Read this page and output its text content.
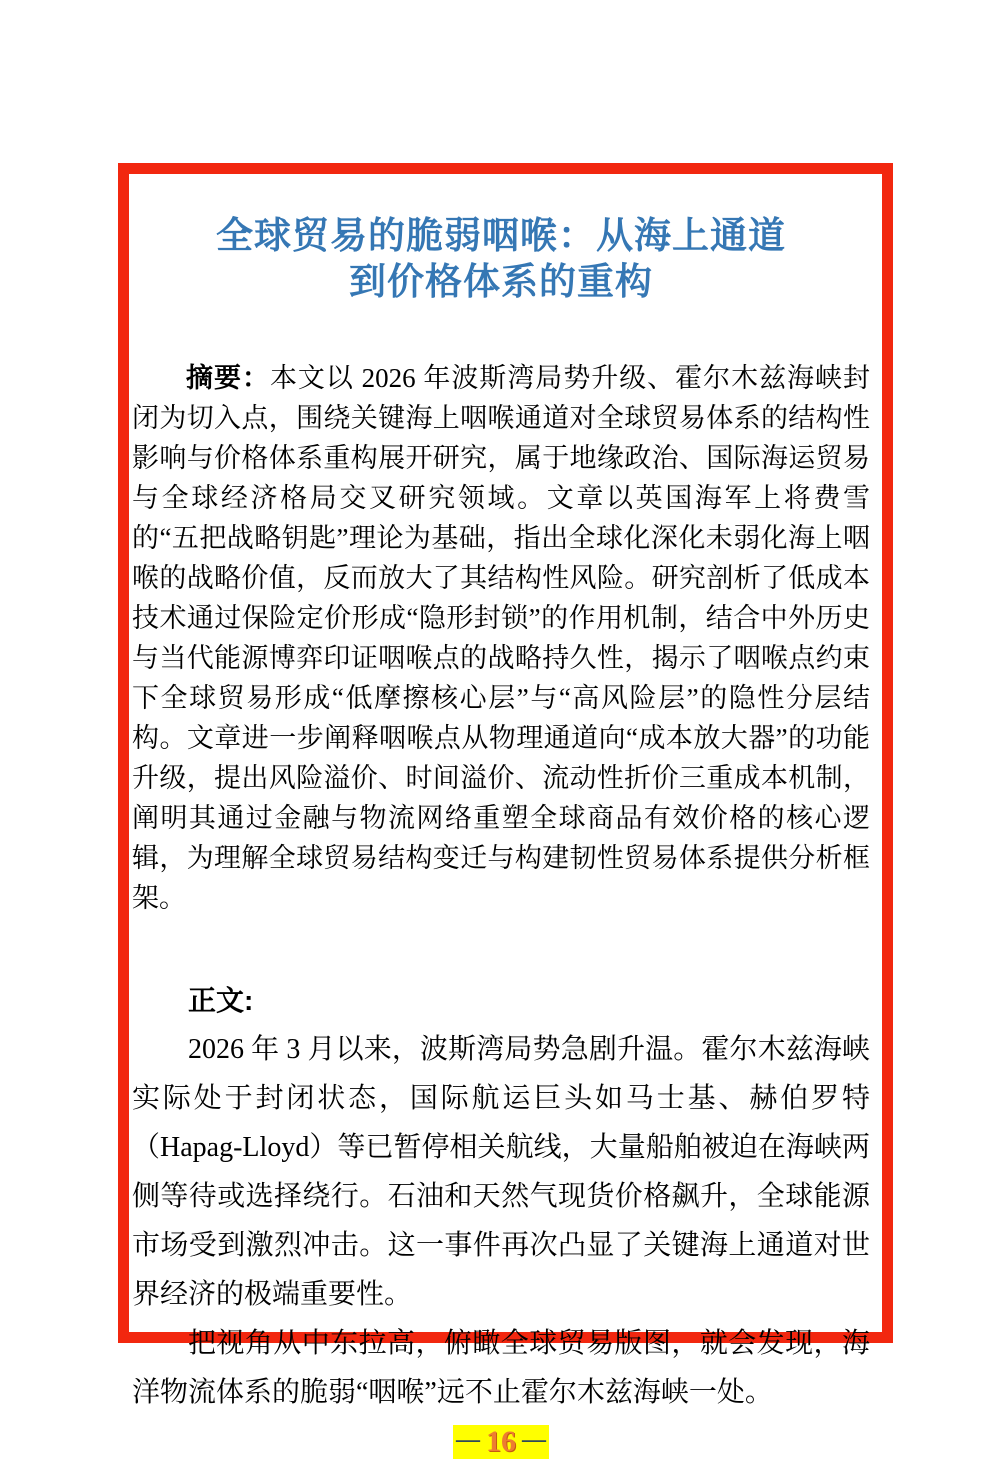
全球贸易的脆弱咽喉：从海上通道
到价格体系的重构

摘要：本文以 2026 年波斯湾局势升级、霍尔木兹海峡封闭为切入点，围绕关键海上咽喉通道对全球贸易体系的结构性影响与价格体系重构展开研究，属于地缘政治、国际海运贸易与全球经济格局交叉研究领域。文章以英国海军上将费雪的“五把战略钥匙”理论为基础，指出全球化深化未弱化海上咽喉的战略价值，反而放大了其结构性风险。研究剖析了低成本技术通过保险定价形成“隐形封锁”的作用机制，结合中外历史与当代能源博弈印证咽喉点的战略持久性，揭示了咽喉点约束下全球贸易形成“低摩擦核心层”与“高风险层”的隐性分层结构。文章进一步阐释咽喉点从物理通道向“成本放大器”的功能升级，提出风险溢价、时间溢价、流动性折价三重成本机制，阐明其通过金融与物流网络重塑全球商品有效价格的核心逻辑，为理解全球贸易结构变迁与构建韧性贸易体系提供分析框架。

正文:

2026 年 3 月以来，波斯湾局势急剧升温。霍尔木兹海峡实际处于封闭状态，国际航运巨头如马士基、赫伯罗特（Hapag-Lloyd）等已暂停相关航线，大量船舶被迫在海峡两侧等待或选择绕行。石油和天然气现货价格飙升，全球能源市场受到激烈冲击。这一事件再次凸显了关键海上通道对世界经济的极端重要性。

把视角从中东拉高，俯瞰全球贸易版图，就会发现，海洋物流体系的脆弱“咽喉”远不止霍尔木兹海峡一处。

— 16 —
